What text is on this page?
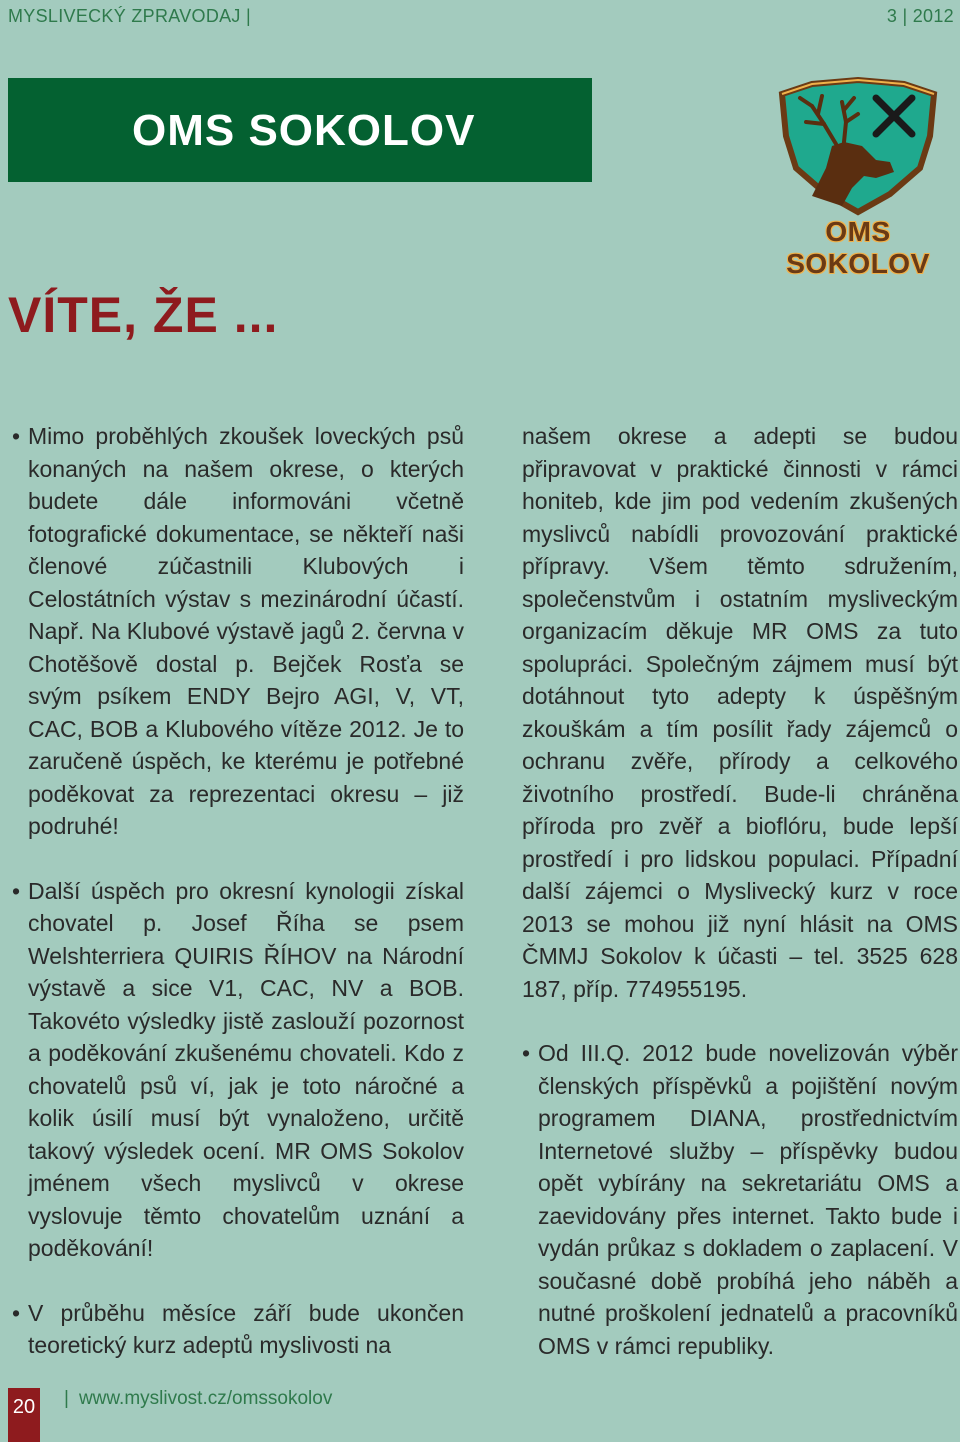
MYSLIVECKÝ ZPRAVODAJ |	3 | 2012
OMS SOKOLOV
OMS SOKOLOV
VÍTE, ŽE ...

• Mimo proběhlých zkoušek loveckých psů konaných na našem okrese, o kterých budete dále informováni včetně fotografické dokumentace, se někteří naši členové zúčastnili Klubových i Celostátních výstav s mezinárodní účastí. Např. Na Klubové výstavě jagů 2. června v Chotěšově dostal p. Bejček Rosťa se svým psíkem ENDY Bejro AGI, V, VT, CAC, BOB a Klubového vítěze 2012. Je to zaručeně úspěch, ke kterému je potřebné poděkovat za reprezentaci okresu – již podruhé!

• Další úspěch pro okresní kynologii získal chovatel p. Josef Říha se psem Welshterriera QUIRIS ŘÍHOV na Národní výstavě a sice V1, CAC, NV a BOB. Takovéto výsledky jistě zaslouží pozornost a poděkování zkušenému chovateli. Kdo z chovatelů psů ví, jak je toto náročné a kolik úsilí musí být vynaloženo, určitě takový výsledek ocení. MR OMS Sokolov jménem všech myslivců v okrese vyslovuje těmto chovatelům uznání a poděkování!

• V průběhu měsíce září bude ukončen teoretický kurz adeptů myslivosti na

našem okrese a adepti se budou připravovat v praktické činnosti v rámci honiteb, kde jim pod vedením zkušených myslivců nabídli provozování praktické přípravy. Všem těmto sdružením, společenstvům i ostatním mysliveckým organizacím děkuje MR OMS za tuto spolupráci. Společným zájmem musí být dotáhnout tyto adepty k úspěšným zkouškám a tím posílit řady zájemců o ochranu zvěře, přírody a celkového životního prostředí. Bude-li chráněna příroda pro zvěř a bioflóru, bude lepší prostředí i pro lidskou populaci. Případní další zájemci o Myslivecký kurz v roce 2013 se mohou již nyní hlásit na OMS ČMMJ Sokolov k účasti – tel. 3525 628 187, příp. 774955195.

• Od III.Q. 2012 bude novelizován výběr členských příspěvků a pojištění novým programem DIANA, prostřednictvím Internetové služby – příspěvky budou opět vybírány na sekretariátu OMS a zaevidovány přes internet. Takto bude i vydán průkaz s dokladem o zaplacení. V současné době probíhá jeho náběh a nutné proškolení jednatelů a pracovníků OMS v rámci republiky.

20 | www.myslivost.cz/omssokolov
